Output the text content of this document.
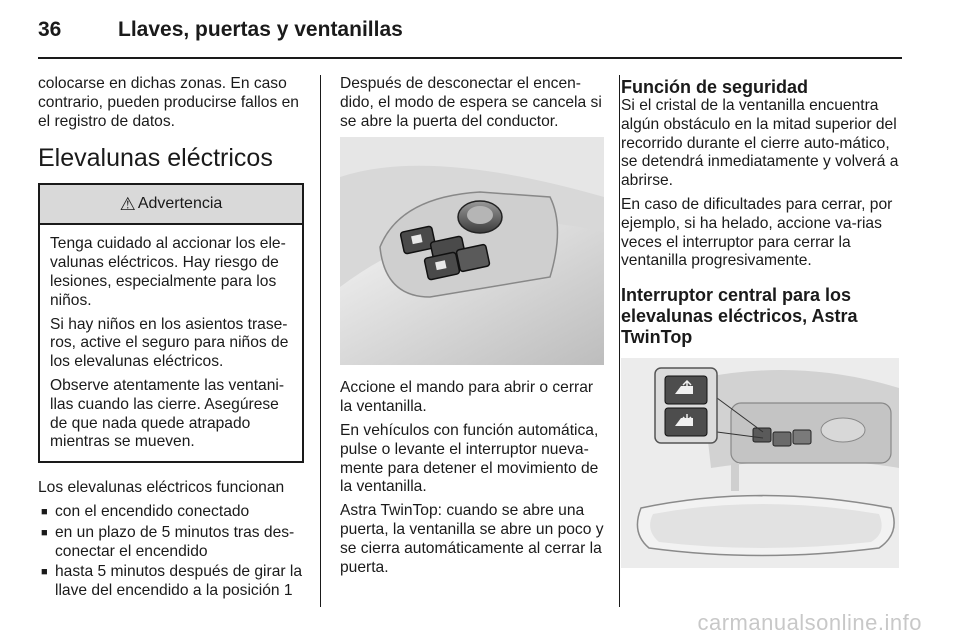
36	Llaves, puertas y ventanillas

colocarse en dichas zonas. En caso contrario, pueden producirse fallos en el registro de datos.

Elevalunas eléctricos
⚠ Advertencia

Tenga cuidado al accionar los ele-valunas eléctricos. Hay riesgo de lesiones, especialmente para los niños.

Si hay niños en los asientos trase-ros, active el seguro para niños de los elevalunas eléctricos.

Observe atentamente las ventani-llas cuando las cierre. Asegúrese de que nada quede atrapado mientras se mueven.

Los elevalunas eléctricos funcionan

■ con el encendido conectado
■ en un plazo de 5 minutos tras des-conectar el encendido
■ hasta 5 minutos después de girar la llave del encendido a la posición 1

Después de desconectar el encen-dido, el modo de espera se cancela si se abre la puerta del conductor.

Accione el mando para abrir o cerrar la ventanilla.

En vehículos con función automática, pulse o levante el interruptor nueva-mente para detener el movimiento de la ventanilla.

Astra TwinTop: cuando se abre una puerta, la ventanilla se abre un poco y se cierra automáticamente al cerrar la puerta.

Función de seguridad

Si el cristal de la ventanilla encuentra algún obstáculo en la mitad superior del recorrido durante el cierre auto-mático, se detendrá inmediatamente y volverá a abrirse.

En caso de dificultades para cerrar, por ejemplo, si ha helado, accione va-rias veces el interruptor para cerrar la ventanilla progresivamente.

Interruptor central para los elevalunas eléctricos, Astra TwinTop
carmanualsonline.info
